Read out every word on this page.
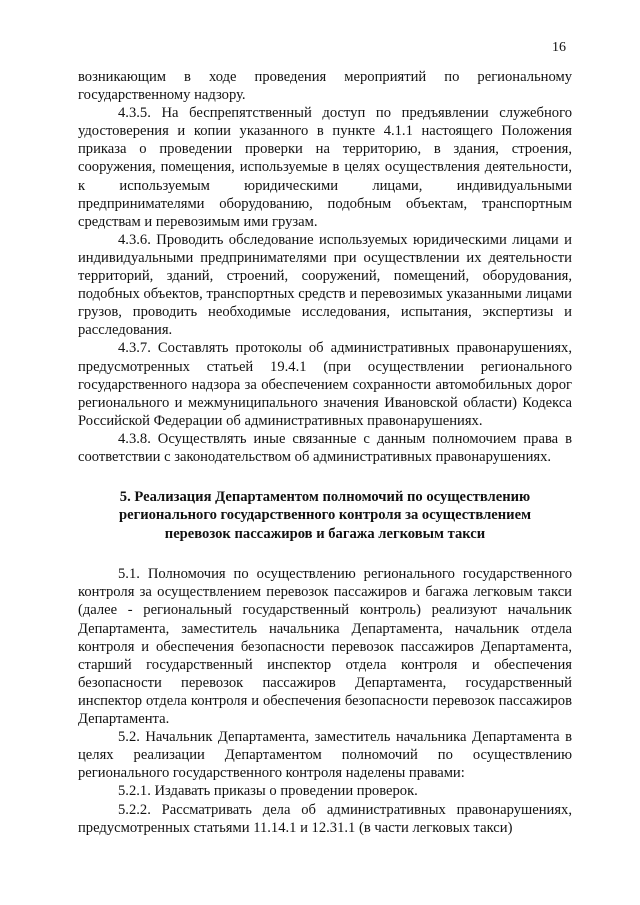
16

возникающим в ходе проведения мероприятий по региональному государственному надзору.

4.3.5. На беспрепятственный доступ по предъявлении служебного удостоверения и копии указанного в пункте 4.1.1 настоящего Положения приказа о проведении проверки на территорию, в здания, строения, сооружения, помещения, используемые в целях осуществления деятельности, к используемым юридическими лицами, индивидуальными предпринимателями оборудованию, подобным объектам, транспортным средствам и перевозимым ими грузам.

4.3.6. Проводить обследование используемых юридическими лицами и индивидуальными предпринимателями при осуществлении их деятельности территорий, зданий, строений, сооружений, помещений, оборудования, подобных объектов, транспортных средств и перевозимых указанными лицами грузов, проводить необходимые исследования, испытания, экспертизы и расследования.

4.3.7. Составлять протоколы об административных правонарушениях, предусмотренных статьей 19.4.1 (при осуществлении регионального государственного надзора за обеспечением сохранности автомобильных дорог регионального и межмуниципального значения Ивановской области) Кодекса Российской Федерации об административных правонарушениях.

4.3.8. Осуществлять иные связанные с данным полномочием права в соответствии с законодательством об административных правонарушениях.

5. Реализация Департаментом полномочий по осуществлению
регионального государственного контроля за осуществлением
перевозок пассажиров и багажа легковым такси

5.1. Полномочия по осуществлению регионального государственного контроля за осуществлением перевозок пассажиров и багажа легковым такси (далее - региональный государственный контроль) реализуют начальник Департамента, заместитель начальника Департамента, начальник отдела контроля и обеспечения безопасности перевозок пассажиров Департамента, старший государственный инспектор отдела контроля и обеспечения безопасности перевозок пассажиров Департамента, государственный инспектор отдела контроля и обеспечения безопасности перевозок пассажиров Департамента.

5.2. Начальник Департамента, заместитель начальника Департамента в целях реализации Департаментом полномочий по осуществлению регионального государственного контроля наделены правами:

5.2.1. Издавать приказы о проведении проверок.

5.2.2. Рассматривать дела об административных правонарушениях, предусмотренных статьями 11.14.1 и 12.31.1 (в части легковых такси)
